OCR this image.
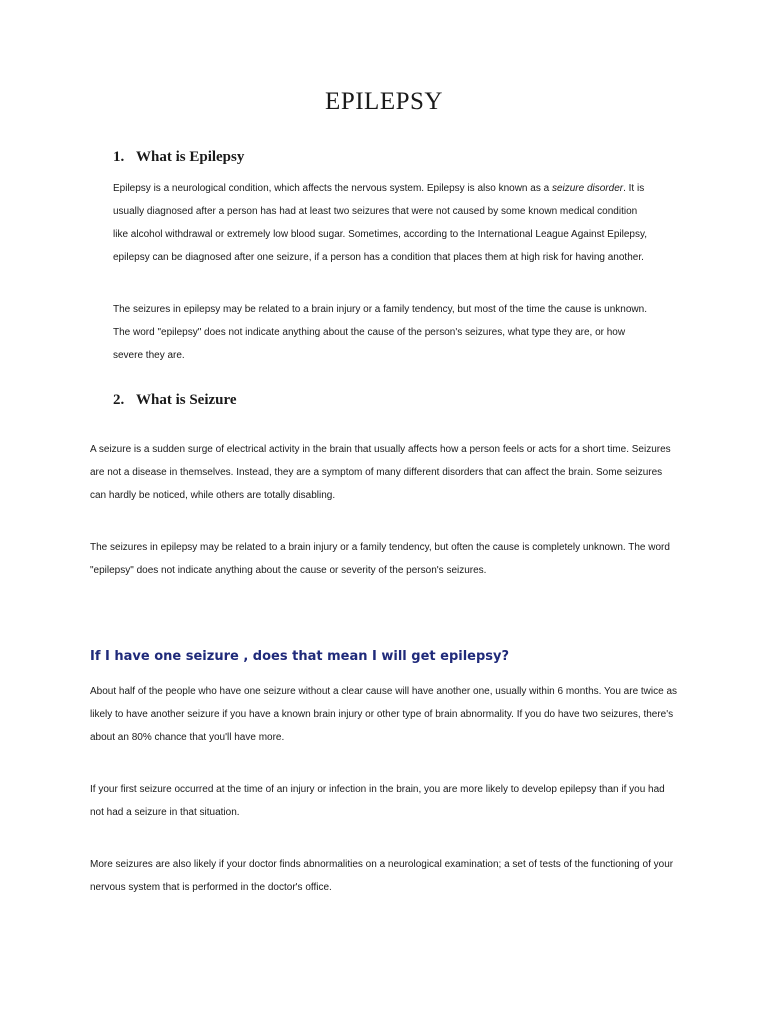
EPILEPSY
1. What is Epilepsy

Epilepsy is a neurological condition, which affects the nervous system. Epilepsy is also known as a seizure disorder. It is usually diagnosed after a person has had at least two seizures that were not caused by some known medical condition like alcohol withdrawal or extremely low blood sugar. Sometimes, according to the International League Against Epilepsy, epilepsy can be diagnosed after one seizure, if a person has a condition that places them at high risk for having another.

The seizures in epilepsy may be related to a brain injury or a family tendency, but most of the time the cause is unknown. The word "epilepsy" does not indicate anything about the cause of the person's seizures, what type they are, or how severe they are.

2. What is Seizure

A seizure is a sudden surge of electrical activity in the brain that usually affects how a person feels or acts for a short time. Seizures are not a disease in themselves. Instead, they are a symptom of many different disorders that can affect the brain. Some seizures can hardly be noticed, while others are totally disabling.

The seizures in epilepsy may be related to a brain injury or a family tendency, but often the cause is completely unknown. The word "epilepsy" does not indicate anything about the cause or severity of the person's seizures.

If I have one seizure , does that mean I will get epilepsy?

About half of the people who have one seizure without a clear cause will have another one, usually within 6 months. You are twice as likely to have another seizure if you have a known brain injury or other type of brain abnormality. If you do have two seizures, there's about an 80% chance that you'll have more.

If your first seizure occurred at the time of an injury or infection in the brain, you are more likely to develop epilepsy than if you had not had a seizure in that situation.

More seizures are also likely if your doctor finds abnormalities on a neurological examination; a set of tests of the functioning of your nervous system that is performed in the doctor's office.
